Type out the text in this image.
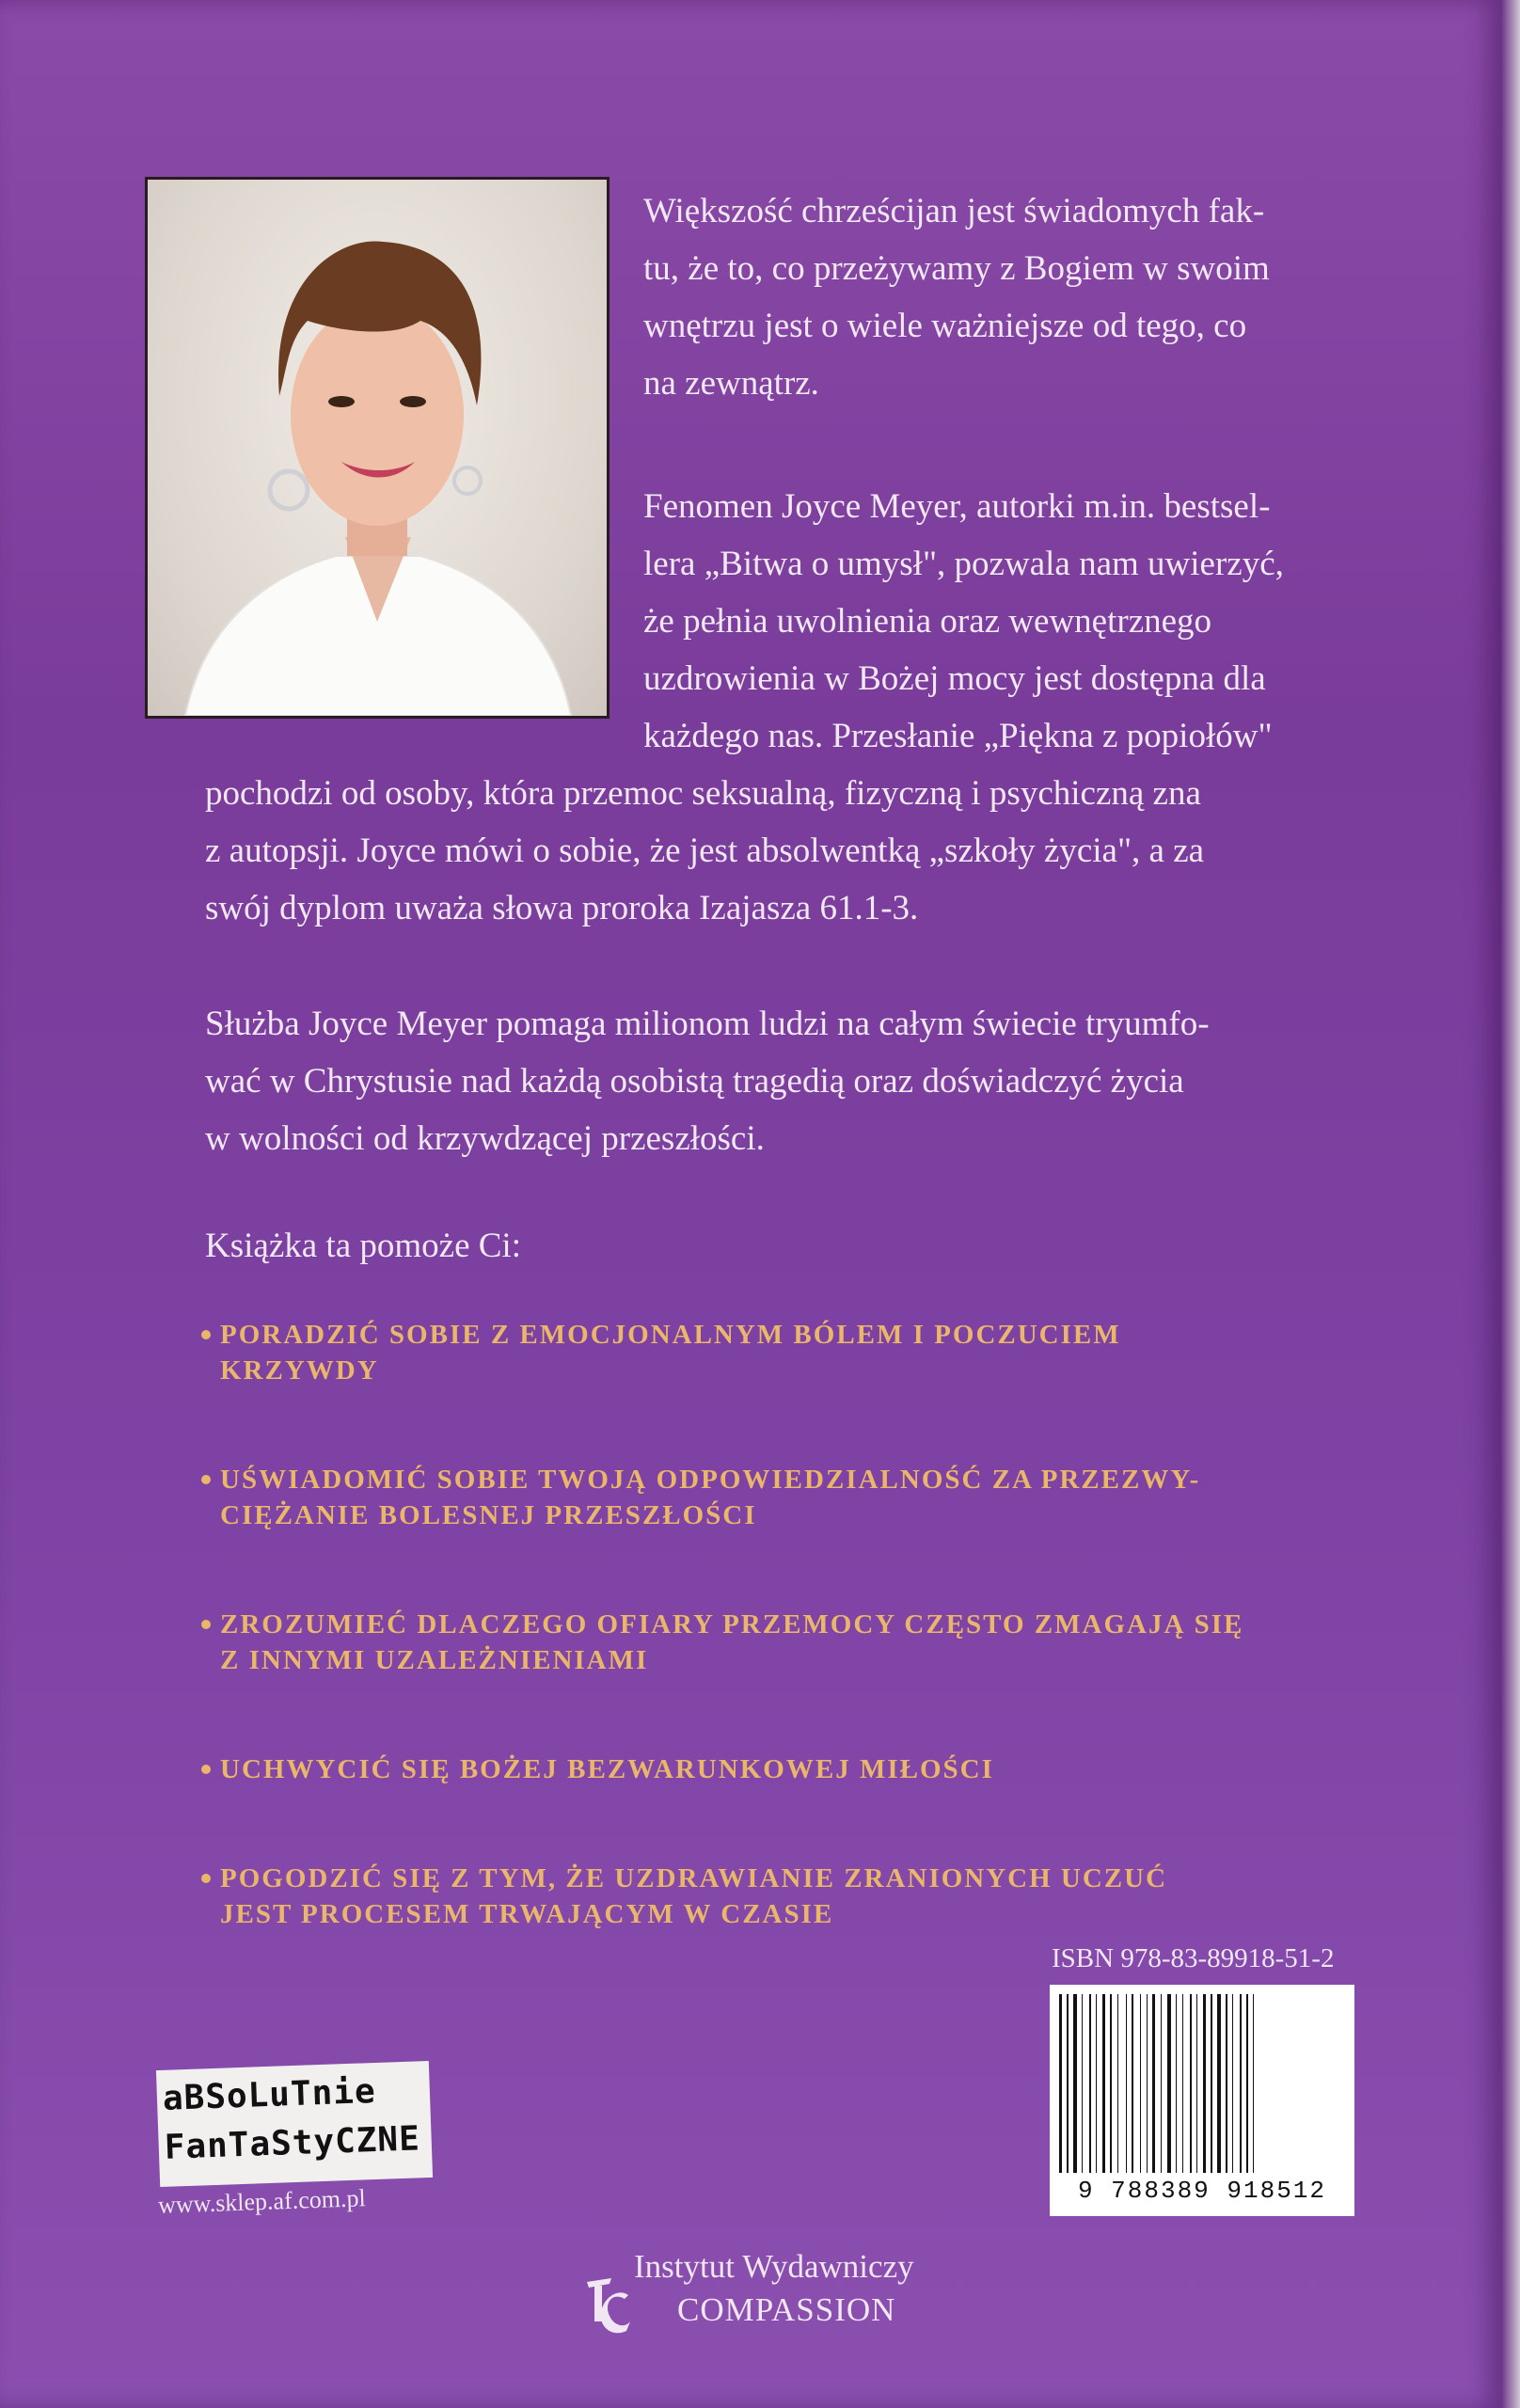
Większość chrześcijan jest świadomych fak-

tu, że to, co przeżywamy z Bogiem w swoim

wnętrzu jest o wiele ważniejsze od tego, co

na zewnątrz.

Fenomen Joyce Meyer, autorki m.in. bestsel-

lera „Bitwa o umysł", pozwala nam uwierzyć,

że pełnia uwolnienia oraz wewnętrznego

uzdrowienia w Bożej mocy jest dostępna dla

każdego nas. Przesłanie „Piękna z popiołów"

pochodzi od osoby, która przemoc seksualną, fizyczną i psychiczną zna

z autopsji. Joyce mówi o sobie, że jest absolwentką „szkoły życia", a za

swój dyplom uważa słowa proroka Izajasza 61.1-3.

Służba Joyce Meyer pomaga milionom ludzi na całym świecie tryumfo-

wać w Chrystusie nad każdą osobistą tragedią oraz doświadczyć życia

w wolności od krzywdzącej przeszłości.

Książka ta pomoże Ci:

PORADZIĆ SOBIE Z EMOCJONALNYM BÓLEM I POCZUCIEM
KRZYWDY
UŚWIADOMIĆ SOBIE TWOJĄ ODPOWIEDZIALNOŚĆ ZA PRZEZWY-
CIĘŻANIE BOLESNEJ PRZESZŁOŚCI
ZROZUMIEĆ DLACZEGO OFIARY PRZEMOCY CZĘSTO ZMAGAJĄ SIĘ
Z INNYMI UZALEŻNIENIAMI
UCHWYCIĆ SIĘ BOŻEJ BEZWARUNKOWEJ MIŁOŚCI
POGODZIĆ SIĘ Z TYM, ŻE UZDRAWIANIE ZRANIONYCH UCZUĆ
JEST PROCESEM TRWAJĄCYM W CZASIE
ISBN 978-83-89918-51-2
9 788389 918512
aBSoLuTnie
FanTaStyCZNE
www.sklep.af.com.pl
Instytut Wydawniczy
COMPASSION
